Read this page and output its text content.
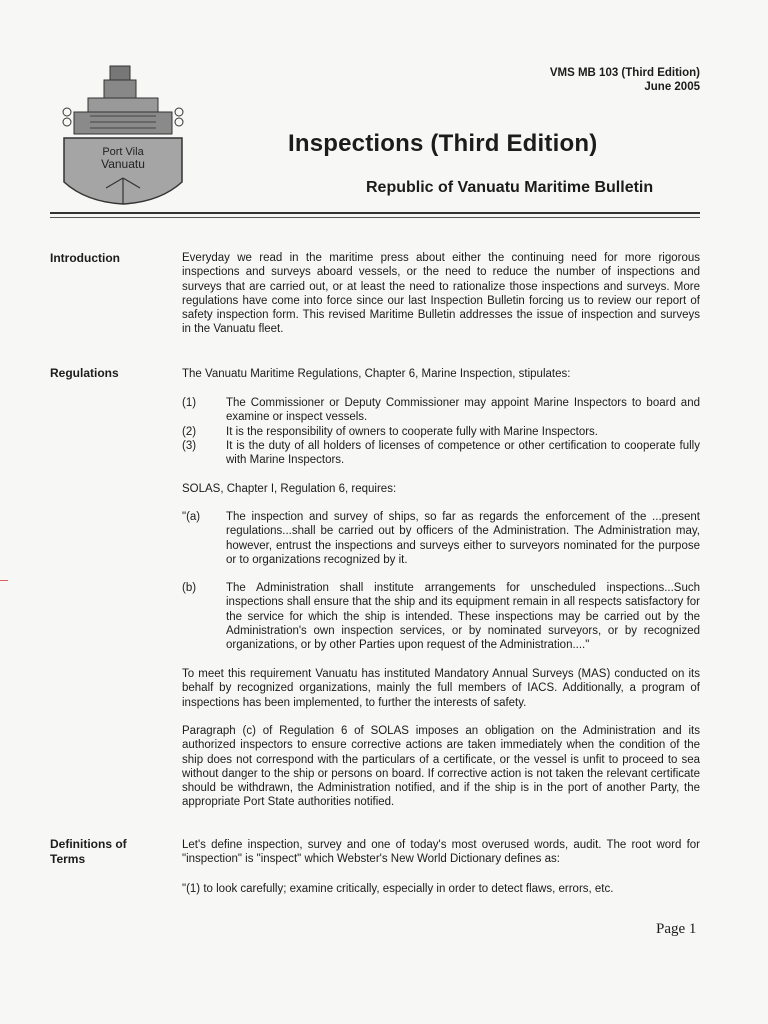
Port Vila
Vanuatu
VMS MB 103 (Third Edition)
June 2005
Inspections (Third Edition)
Republic of Vanuatu Maritime Bulletin
Introduction	Everyday we read in the maritime press about either the continuing need for more rigorous inspections and surveys aboard vessels, or the need to reduce the number of inspections and surveys that are carried out, or at least the need to rationalize those inspections and surveys. More regulations have come into force since our last Inspection Bulletin forcing us to review our report of safety inspection form. This revised Maritime Bulletin addresses the issue of inspection and surveys in the Vanuatu fleet.

Regulations	The Vanuatu Maritime Regulations, Chapter 6, Marine Inspection, stipulates:

(1)	The Commissioner or Deputy Commissioner may appoint Marine Inspectors to board and examine or inspect vessels.
(2)	It is the responsibility of owners to cooperate fully with Marine Inspectors.
(3)	It is the duty of all holders of licenses of competence or other certification to cooperate fully with Marine Inspectors.

SOLAS, Chapter I, Regulation 6, requires:

"(a)	The inspection and survey of ships, so far as regards the enforcement of the ...present regulations...shall be carried out by officers of the Administration. The Administration may, however, entrust the inspections and surveys either to surveyors nominated for the purpose or to organizations recognized by it.
(b)	The Administration shall institute arrangements for unscheduled inspections...Such inspections shall ensure that the ship and its equipment remain in all respects satisfactory for the service for which the ship is intended. These inspections may be carried out by the Administration's own inspection services, or by nominated surveyors, or by recognized organizations, or by other Parties upon request of the Administration...."

To meet this requirement Vanuatu has instituted Mandatory Annual Surveys (MAS) conducted on its behalf by recognized organizations, mainly the full members of IACS. Additionally, a program of inspections has been implemented, to further the interests of safety.

Paragraph (c) of Regulation 6 of SOLAS imposes an obligation on the Administration and its authorized inspectors to ensure corrective actions are taken immediately when the condition of the ship does not correspond with the particulars of a certificate, or the vessel is unfit to proceed to sea without danger to the ship or persons on board. If corrective action is not taken the relevant certificate should be withdrawn, the Administration notified, and if the ship is in the port of another Party, the appropriate Port State authorities notified.

Definitions of
Terms

Let's define inspection, survey and one of today's most overused words, audit. The root word for "inspection" is "inspect" which Webster's New World Dictionary defines as:

"(1) to look carefully; examine critically, especially in order to detect flaws, errors, etc.

Page 1
